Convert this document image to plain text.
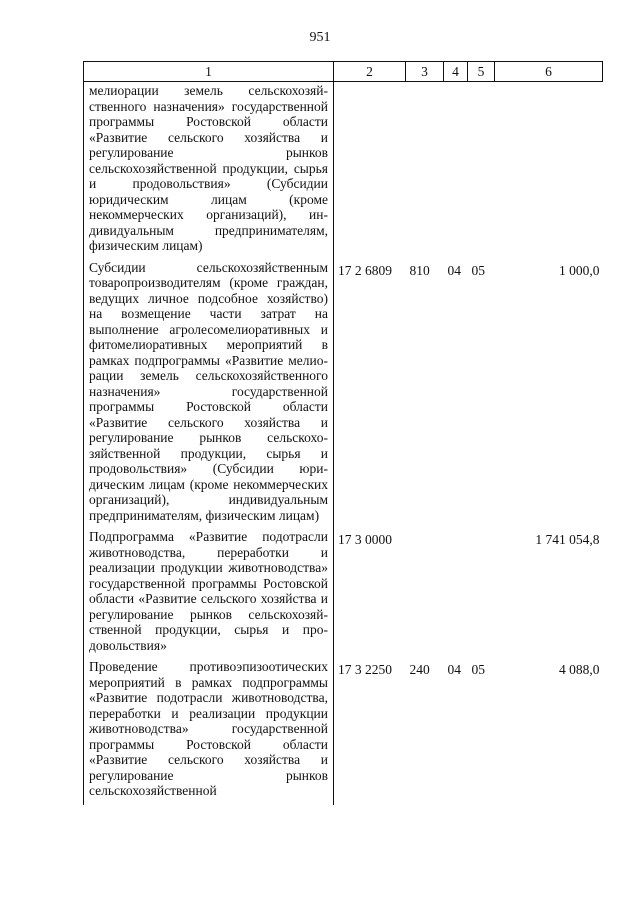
951
1	2	3	4	5	6
мелиорации земель сельскохозяйственного назначения» государственной программы Ростовской области «Развитие сельского хозяйства и регулирование рынков сельскохозяйственной продукции, сырья и продовольствия» (Субсидии юридическим лицам (кроме некоммерческих организаций), индивидуальным предпринимателям, физическим лицам)					
Субсидии сельскохозяйственным товаропроизводителям (кроме граждан, ведущих личное подсобное хозяйство) на возмещение части затрат на выполнение агролесомелиоративных и фитомелиоративных мероприятий в рамках подпрограммы «Развитие мелиорации земель сельскохозяйственного назначения» государственной программы Ростовской области «Развитие сельского хозяйства и регулирование рынков сельскохозяйственной продукции, сырья и продовольствия» (Субсидии юридическим лицам (кроме некоммерческих организаций), индивидуальным предпринимателям, физическим лицам)	17 2 6809	810	04	05	1 000,0
Подпрограмма «Развитие подотрасли животноводства, переработки и реализации продукции животноводства» государственной программы Ростовской области «Развитие сельского хозяйства и регулирование рынков сельскохозяйственной продукции, сырья и продовольствия»	17 3 0000				1 741 054,8
Проведение противоэпизоотических мероприятий в рамках подпрограммы «Развитие подотрасли животноводства, переработки и реализации продукции животноводства» государственной программы Ростовской области «Развитие сельского хозяйства и регулирование рынков сельскохозяйственной	17 3 2250	240	04	05	4 088,0
